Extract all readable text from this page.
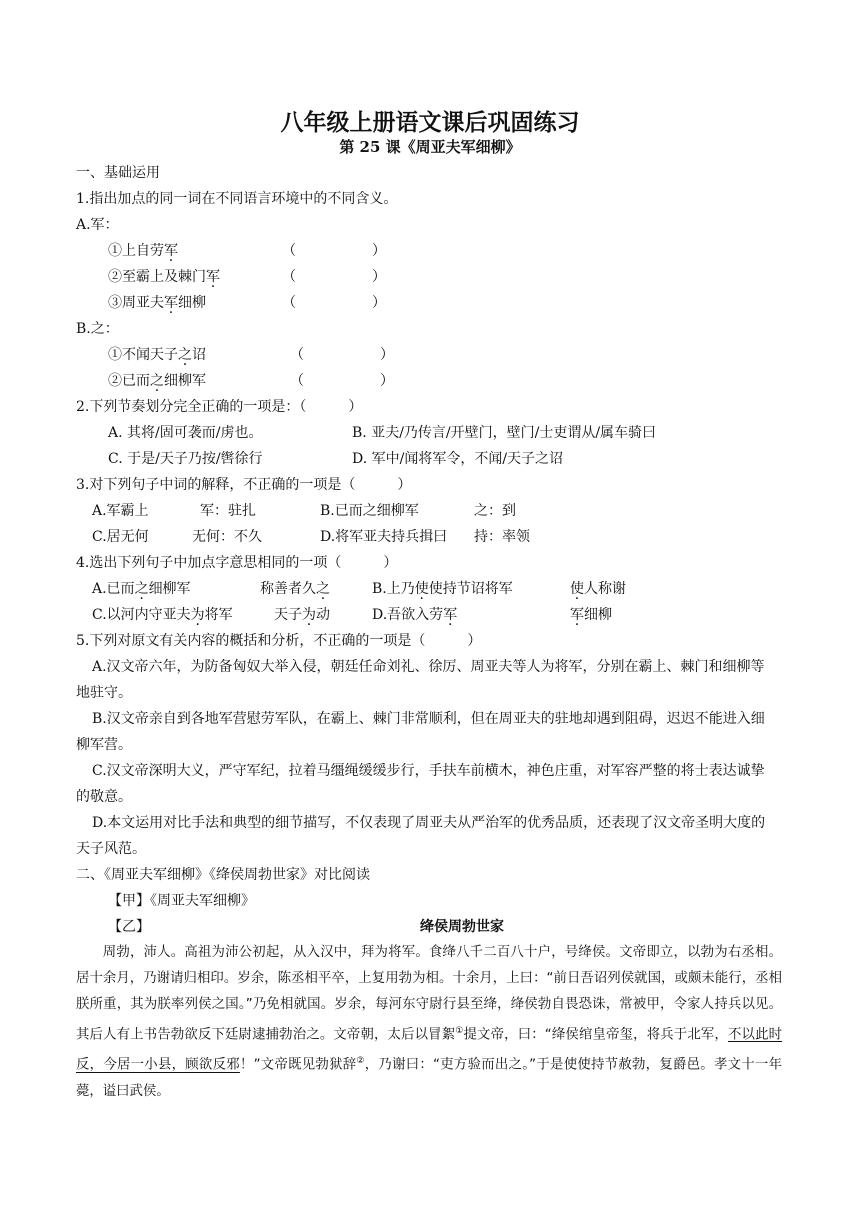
八年级上册语文课后巩固练习
第 25 课《周亚夫军细柳》
一、基础运用
1.指出加点的同一词在不同语言环境中的不同含义。
A.军：
①上自劳军	（	）
②至霸上及棘门军	（	）
③周亚夫军细柳	（	）
B.之：
①不闻天子之诏	（	）
②已而之细柳军	（	）
2.下列节奏划分完全正确的一项是：（　　　）
A. 其将/固可袭而/虏也。	B. 亚夫/乃传言/开壁门，壁门/士吏谓从/属车骑曰
C. 于是/天子乃按/辔徐行	D. 军中/闻将军令，不闻/天子之诏
3.对下列句子中词的解释，不正确的一项是（　　　）
A.军霸上	军：驻扎	B.已而之细柳军	之：到
C.居无何	无何：不久	D.将军亚夫持兵揖曰 持：率领
4.选出下列句子中加点字意思相同的一项（　　　）
A.已而之细柳军	称善者久之	B.上乃使使持节诏将军	使人称谢
C.以河内守亚夫为将军	天子为动	D.吾欲入劳军	军细柳
5.下列对原文有关内容的概括和分析，不正确的一项是（　　　）
A.汉文帝六年，为防备匈奴大举入侵，朝廷任命刘礼、徐厉、周亚夫等人为将军，分别在霸上、棘门和细柳等地驻守。
B.汉文帝亲自到各地军营慰劳军队，在霸上、棘门非常顺利，但在周亚夫的驻地却遇到阻碍，迟迟不能进入细柳军营。
C.汉文帝深明大义，严守军纪，拉着马缰绳缓缓步行，手扶车前横木，神色庄重，对军容严整的将士表达诚挚的敬意。
D.本文运用对比手法和典型的细节描写，不仅表现了周亚夫从严治军的优秀品质，还表现了汉文帝圣明大度的天子风范。
二、《周亚夫军细柳》《绛侯周勃世家》对比阅读
【甲】《周亚夫军细柳》
【乙】	绛侯周勃世家
周勃，沛人。高祖为沛公初起，从入汉中，拜为将军。食绛八千二百八十户，号绛侯。文帝即立，以勃为右丞相。居十余月，乃谢请归相印。岁余，陈丞相平卒，上复用勃为相。十余月，上曰：“前日吾诏列侯就国，或颇未能行，丞相朕所重，其为朕率列侯之国。”乃免相就国。岁余，每河东守尉行县至绛，绛侯勃自畏恐诛，常被甲，令家人持兵以见。其后人有上书告勃欲反下廷尉逮捕勃治之。文帝朝，太后以冒絮①提文帝，曰：“绛侯绾皇帝玺，将兵于北军，不以此时反，今居一小县，顾欲反邪！”文帝既见勃狱辞②，乃谢曰：“吏方验而出之。”于是使使持节赦勃，复爵邑。孝文十一年薨，谥曰武侯。
